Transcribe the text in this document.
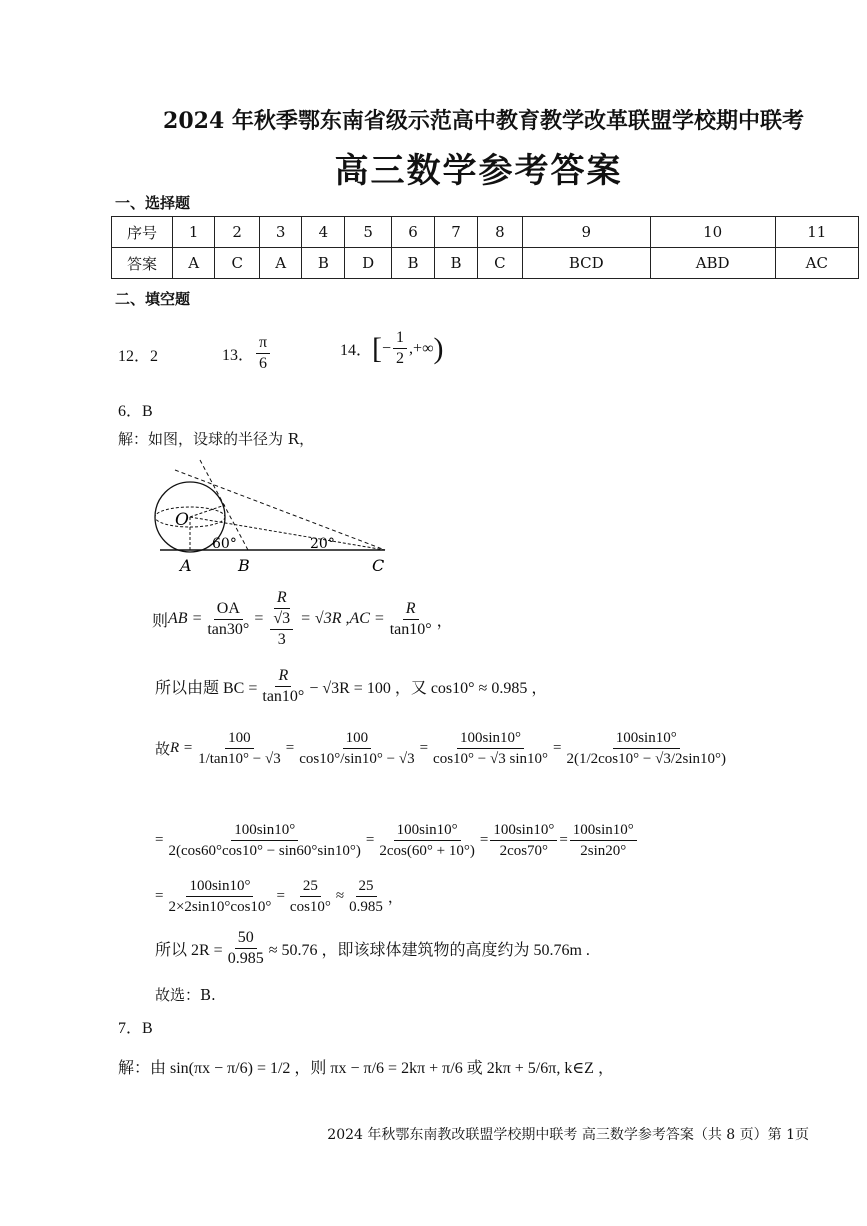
2024 年秋季鄂东南省级示范高中教育教学改革联盟学校期中联考
高三数学参考答案
一、选择题
序号	1	2	3	4	5	6	7	8	9	10	11
答案	A	C	A	B	D	B	B	C	BCD	ABD	AC
二、填空题
12．2	13． $\frac{\pi}{6}$	14． [ − $\frac{1}{2}$ ,+∞ )
6．B
解：如图，设球的半径为 R，
O
A	B	C
60°	20°
则 AB = $\frac{OA}{\tan 30^\circ} = \frac{R}{\frac{√3}{3}} = √3R$ $,AC = \frac{R}{\tan 10^\circ}$ ，
所以由题 BC = $\frac{R}{\tan 10^\circ} - √3R = 100$ ，又 cos10° ≈ 0.985 ，
故 $R = \frac{100}{1/\tan 10^\circ - √3} = \frac{100}{\cos 10^\circ/\sin 10^\circ - √3} = \frac{100\sin 10^\circ}{\cos 10^\circ - √3 \sin 10^\circ} = \frac{100\sin 10^\circ}{2(1/2\cos 10^\circ - √3/2\sin 10^\circ)}$
= $\frac{100\sin 10^\circ}{2(\cos 60^\circ\cos 10^\circ - \sin 60^\circ\sin 10^\circ)} = \frac{100\sin 10^\circ}{2\cos(60^\circ + 10^\circ)} = \frac{100\sin 10^\circ}{2\cos 70^\circ} = \frac{100\sin 10^\circ}{2\sin 20^\circ}$
= $\frac{100\sin 10^\circ}{2\times 2\sin 10^\circ\cos 10^\circ} = \frac{25}{\cos 10^\circ} \approx \frac{25}{0.985}$ ，
所以 $2R = \frac{50}{0.985} \approx 50.76$ ，即该球体建筑物的高度约为 50.76m .
故选：B.
7．B
解：由 sin(πx − π/6) = 1/2 ，则 πx − π/6 = 2kπ + π/6 或 2kπ + 5/6π, k∈Z ，
2024 年秋鄂东南教改联盟学校期中联考 高三数学参考答案（共 8 页）第 1页
